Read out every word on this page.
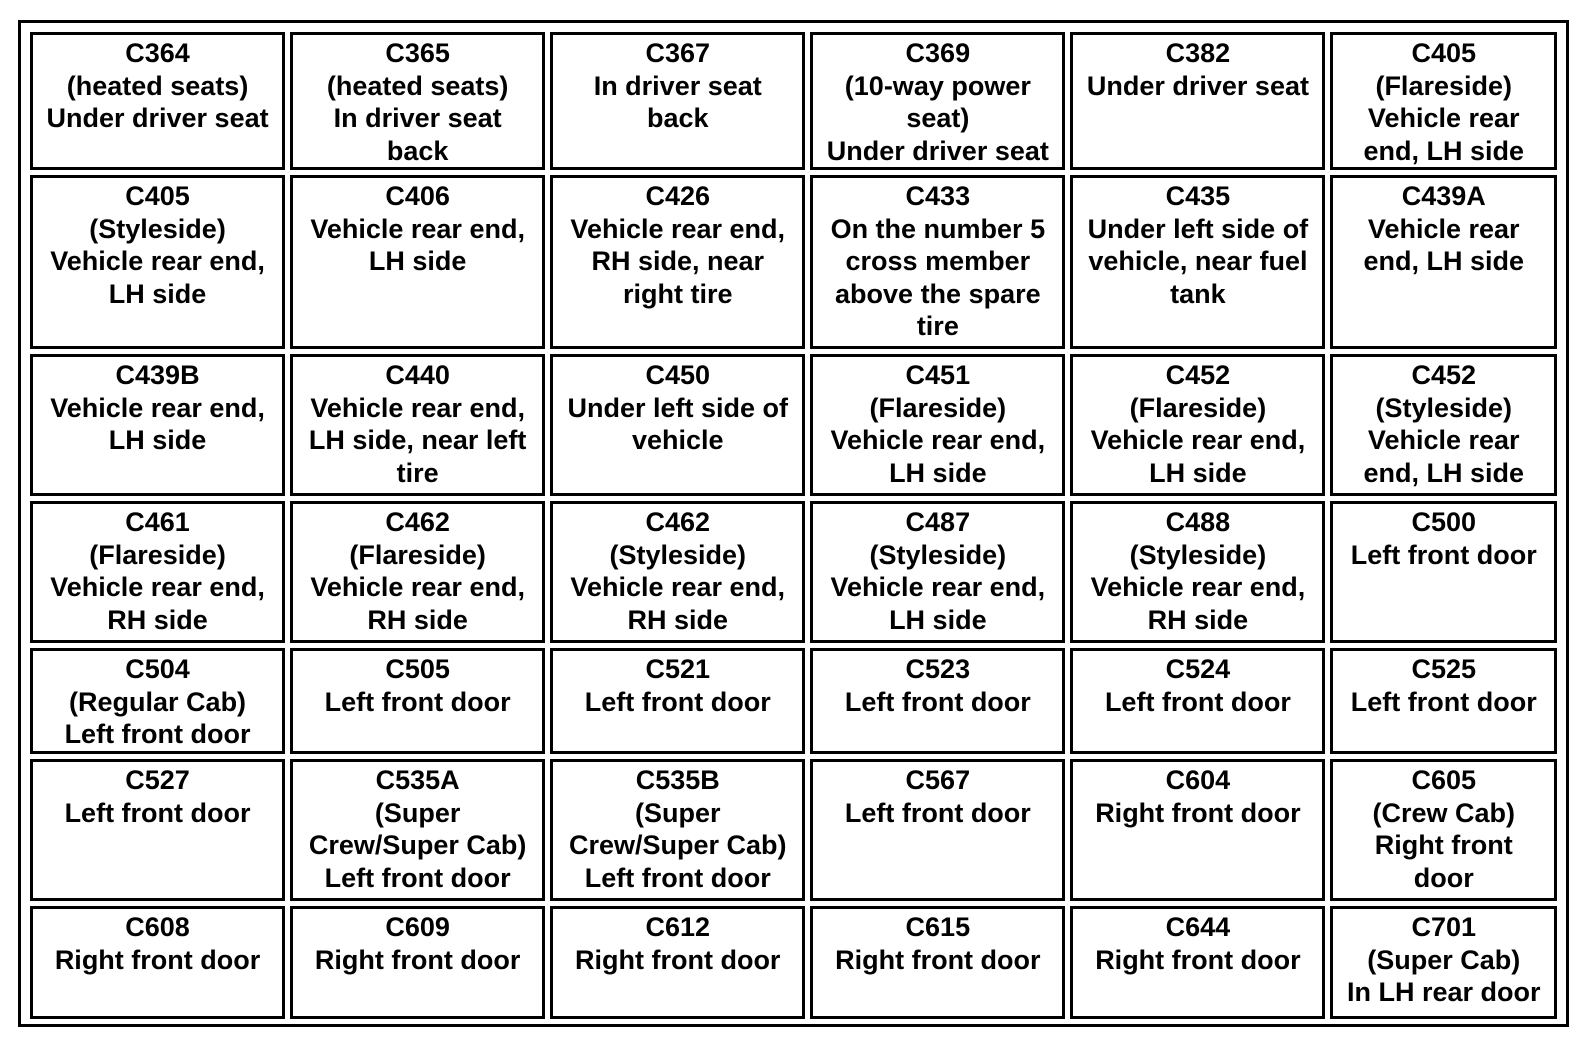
C364
(heated seats)
Under driver seat	C365
(heated seats)
In driver seat
back	C367
In driver seat
back	C369
(10-way power
seat)
Under driver seat	C382
Under driver seat	C405
(Flareside)
Vehicle rear
end, LH side

C405
(Styleside)
Vehicle rear end,
LH side	C406
Vehicle rear end,
LH side	C426
Vehicle rear end,
RH side, near
right tire	C433
On the number 5
cross member
above the spare
tire	C435
Under left side of
vehicle, near fuel
tank	C439A
Vehicle rear
end, LH side

C439B
Vehicle rear end,
LH side	C440
Vehicle rear end,
LH side, near left
tire	C450
Under left side of
vehicle	C451
(Flareside)
Vehicle rear end,
LH side	C452
(Flareside)
Vehicle rear end,
LH side	C452
(Styleside)
Vehicle rear
end, LH side

C461
(Flareside)
Vehicle rear end,
RH side	C462
(Flareside)
Vehicle rear end,
RH side	C462
(Styleside)
Vehicle rear end,
RH side	C487
(Styleside)
Vehicle rear end,
LH side	C488
(Styleside)
Vehicle rear end,
RH side	C500
Left front door

C504
(Regular Cab)
Left front door	C505
Left front door	C521
Left front door	C523
Left front door	C524
Left front door	C525
Left front door

C527
Left front door	C535A
(Super
Crew/Super Cab)
Left front door	C535B
(Super
Crew/Super Cab)
Left front door	C567
Left front door	C604
Right front door	C605
(Crew Cab)
Right front
door

C608
Right front door	C609
Right front door	C612
Right front door	C615
Right front door	C644
Right front door	C701
(Super Cab)
In LH rear door
